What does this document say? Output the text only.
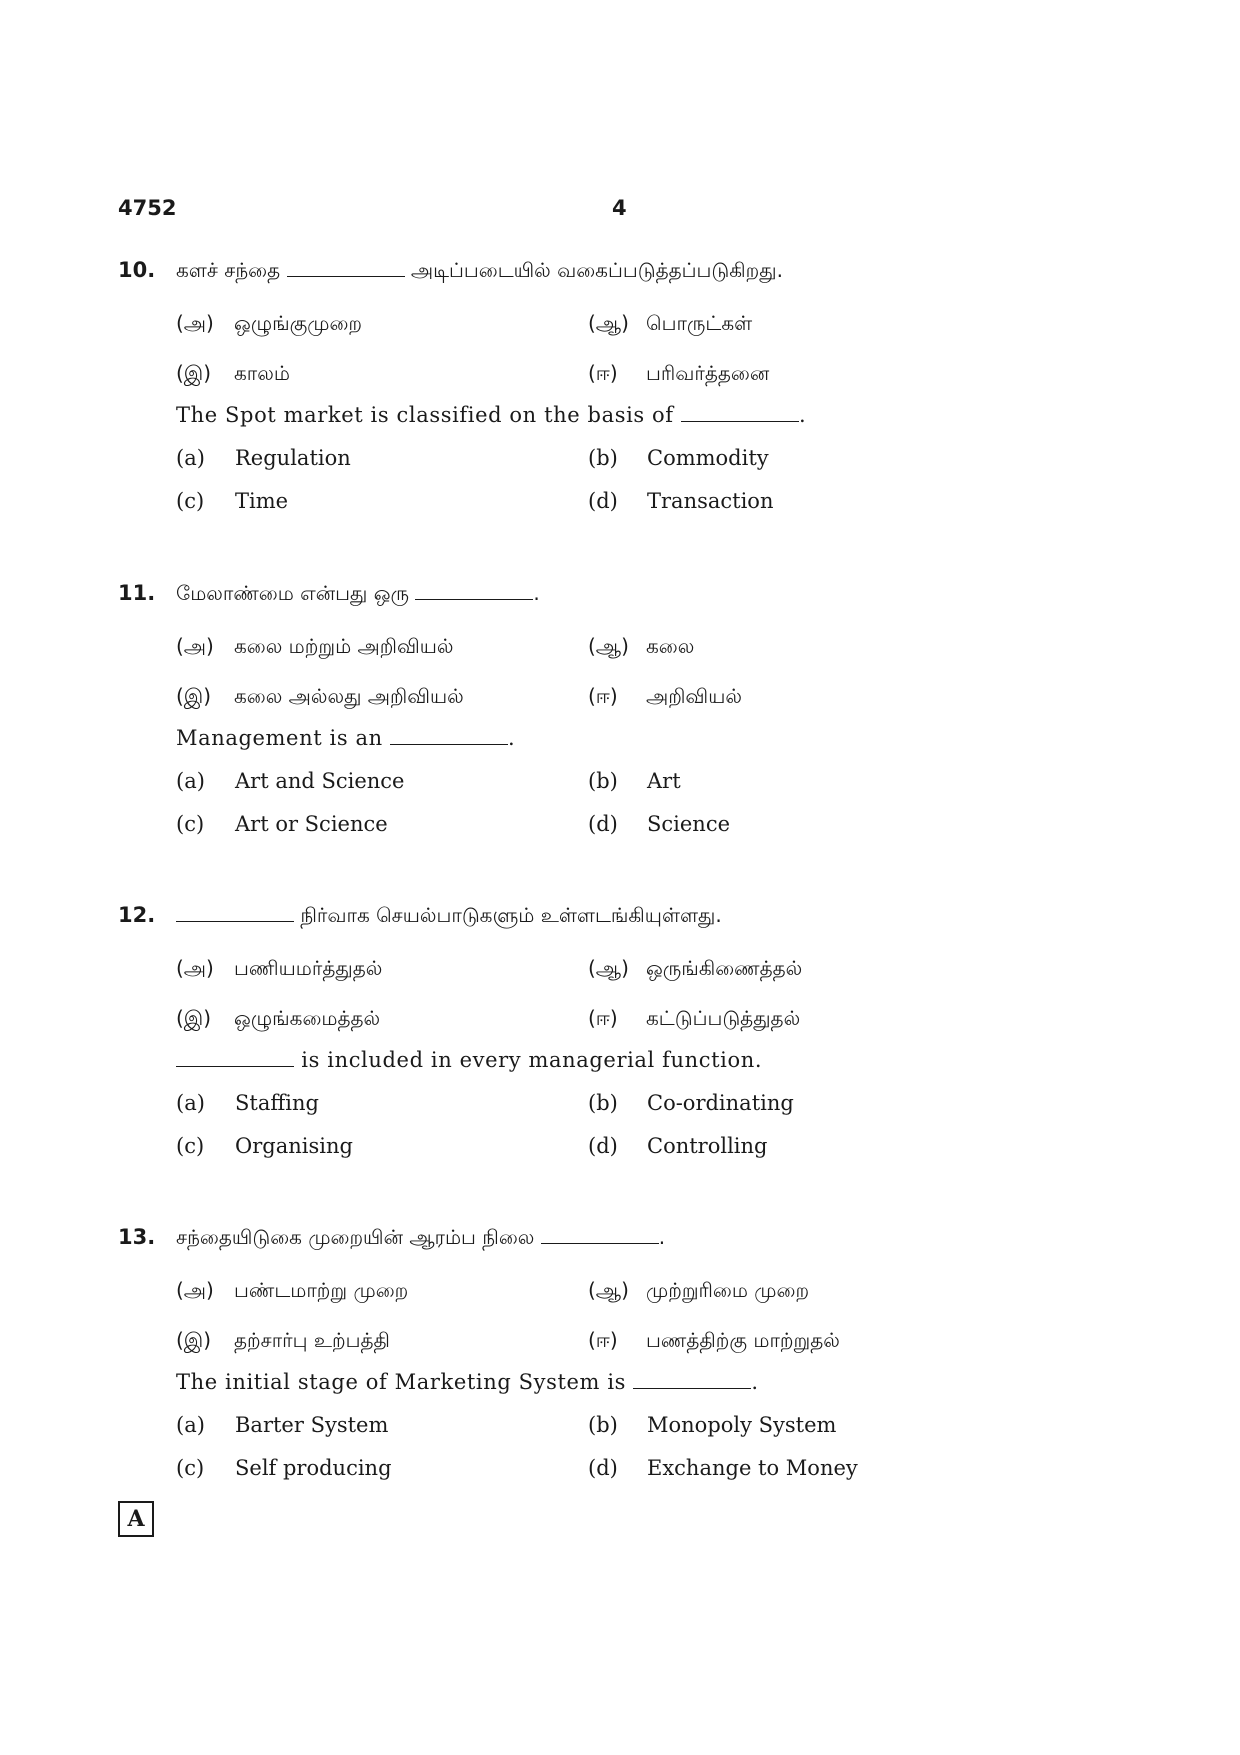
4752	4
10. களச் சந்தை	அடிப்படையில் வகைப்படுத்தப்படுகிறது.
(அ) ஒழுங்குமுறை	(ஆ) பொருட்கள்
(இ) காலம்	(ஈ) பரிவர்த்தனை
The Spot market is classified on the basis of	.
(a) Regulation	(b) Commodity
(c) Time	(d) Transaction
11. மேலாண்மை என்பது ஒரு	.
(அ) கலை மற்றும் அறிவியல்	(ஆ) கலை
(இ) கலை அல்லது அறிவியல்	(ஈ) அறிவியல்
Management is an	.
(a) Art and Science	(b) Art
(c) Art or Science	(d) Science
12.	நிர்வாக செயல்பாடுகளும் உள்ளடங்கியுள்ளது.
(அ) பணியமர்த்துதல்	(ஆ) ஒருங்கிணைத்தல்
(இ) ஒழுங்கமைத்தல்	(ஈ) கட்டுப்படுத்துதல்
is included in every managerial function.
(a) Staffing	(b) Co-ordinating
(c) Organising	(d) Controlling
13. சந்தையிடுகை முறையின் ஆரம்ப நிலை	.
(அ) பண்டமாற்று முறை	(ஆ) முற்றுரிமை முறை
(இ) தற்சார்பு உற்பத்தி	(ஈ) பணத்திற்கு மாற்றுதல்
The initial stage of Marketing System is	.
(a) Barter System	(b) Monopoly System
(c) Self producing	(d) Exchange to Money
A
